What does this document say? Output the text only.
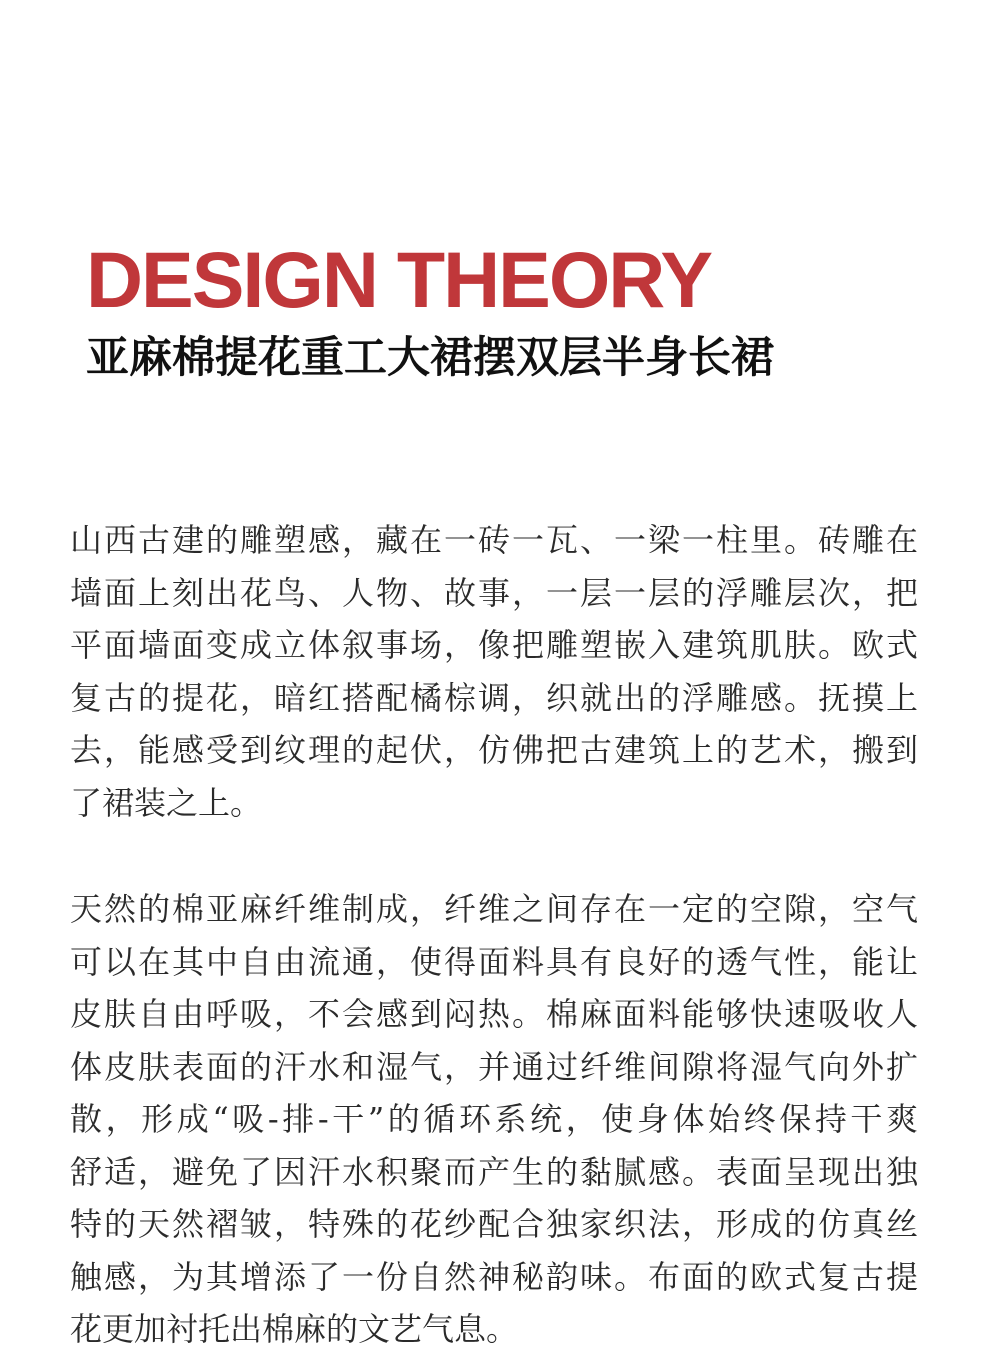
DESIGN THEORY
亚麻棉提花重工大裙摆双层半身长裙

山西古建的雕塑感，藏在一砖一瓦、一梁一柱里。砖雕在
墙面上刻出花鸟、人物、故事，一层一层的浮雕层次，把
平面墙面变成立体叙事场，像把雕塑嵌入建筑肌肤。欧式
复古的提花，暗红搭配橘棕调，织就出的浮雕感。抚摸上
去，能感受到纹理的起伏，仿佛把古建筑上的艺术，搬到
了裙装之上。

天然的棉亚麻纤维制成，纤维之间存在一定的空隙，空气
可以在其中自由流通，使得面料具有良好的透气性，能让
皮肤自由呼吸，不会感到闷热。棉麻面料能够快速吸收人
体皮肤表面的汗水和湿气，并通过纤维间隙将湿气向外扩
散，形成“吸-排-干”的循环系统，使身体始终保持干爽
舒适，避免了因汗水积聚而产生的黏腻感。表面呈现出独
特的天然褶皱，特殊的花纱配合独家织法，形成的仿真丝
触感，为其增添了一份自然神秘韵味。布面的欧式复古提
花更加衬托出棉麻的文艺气息。
